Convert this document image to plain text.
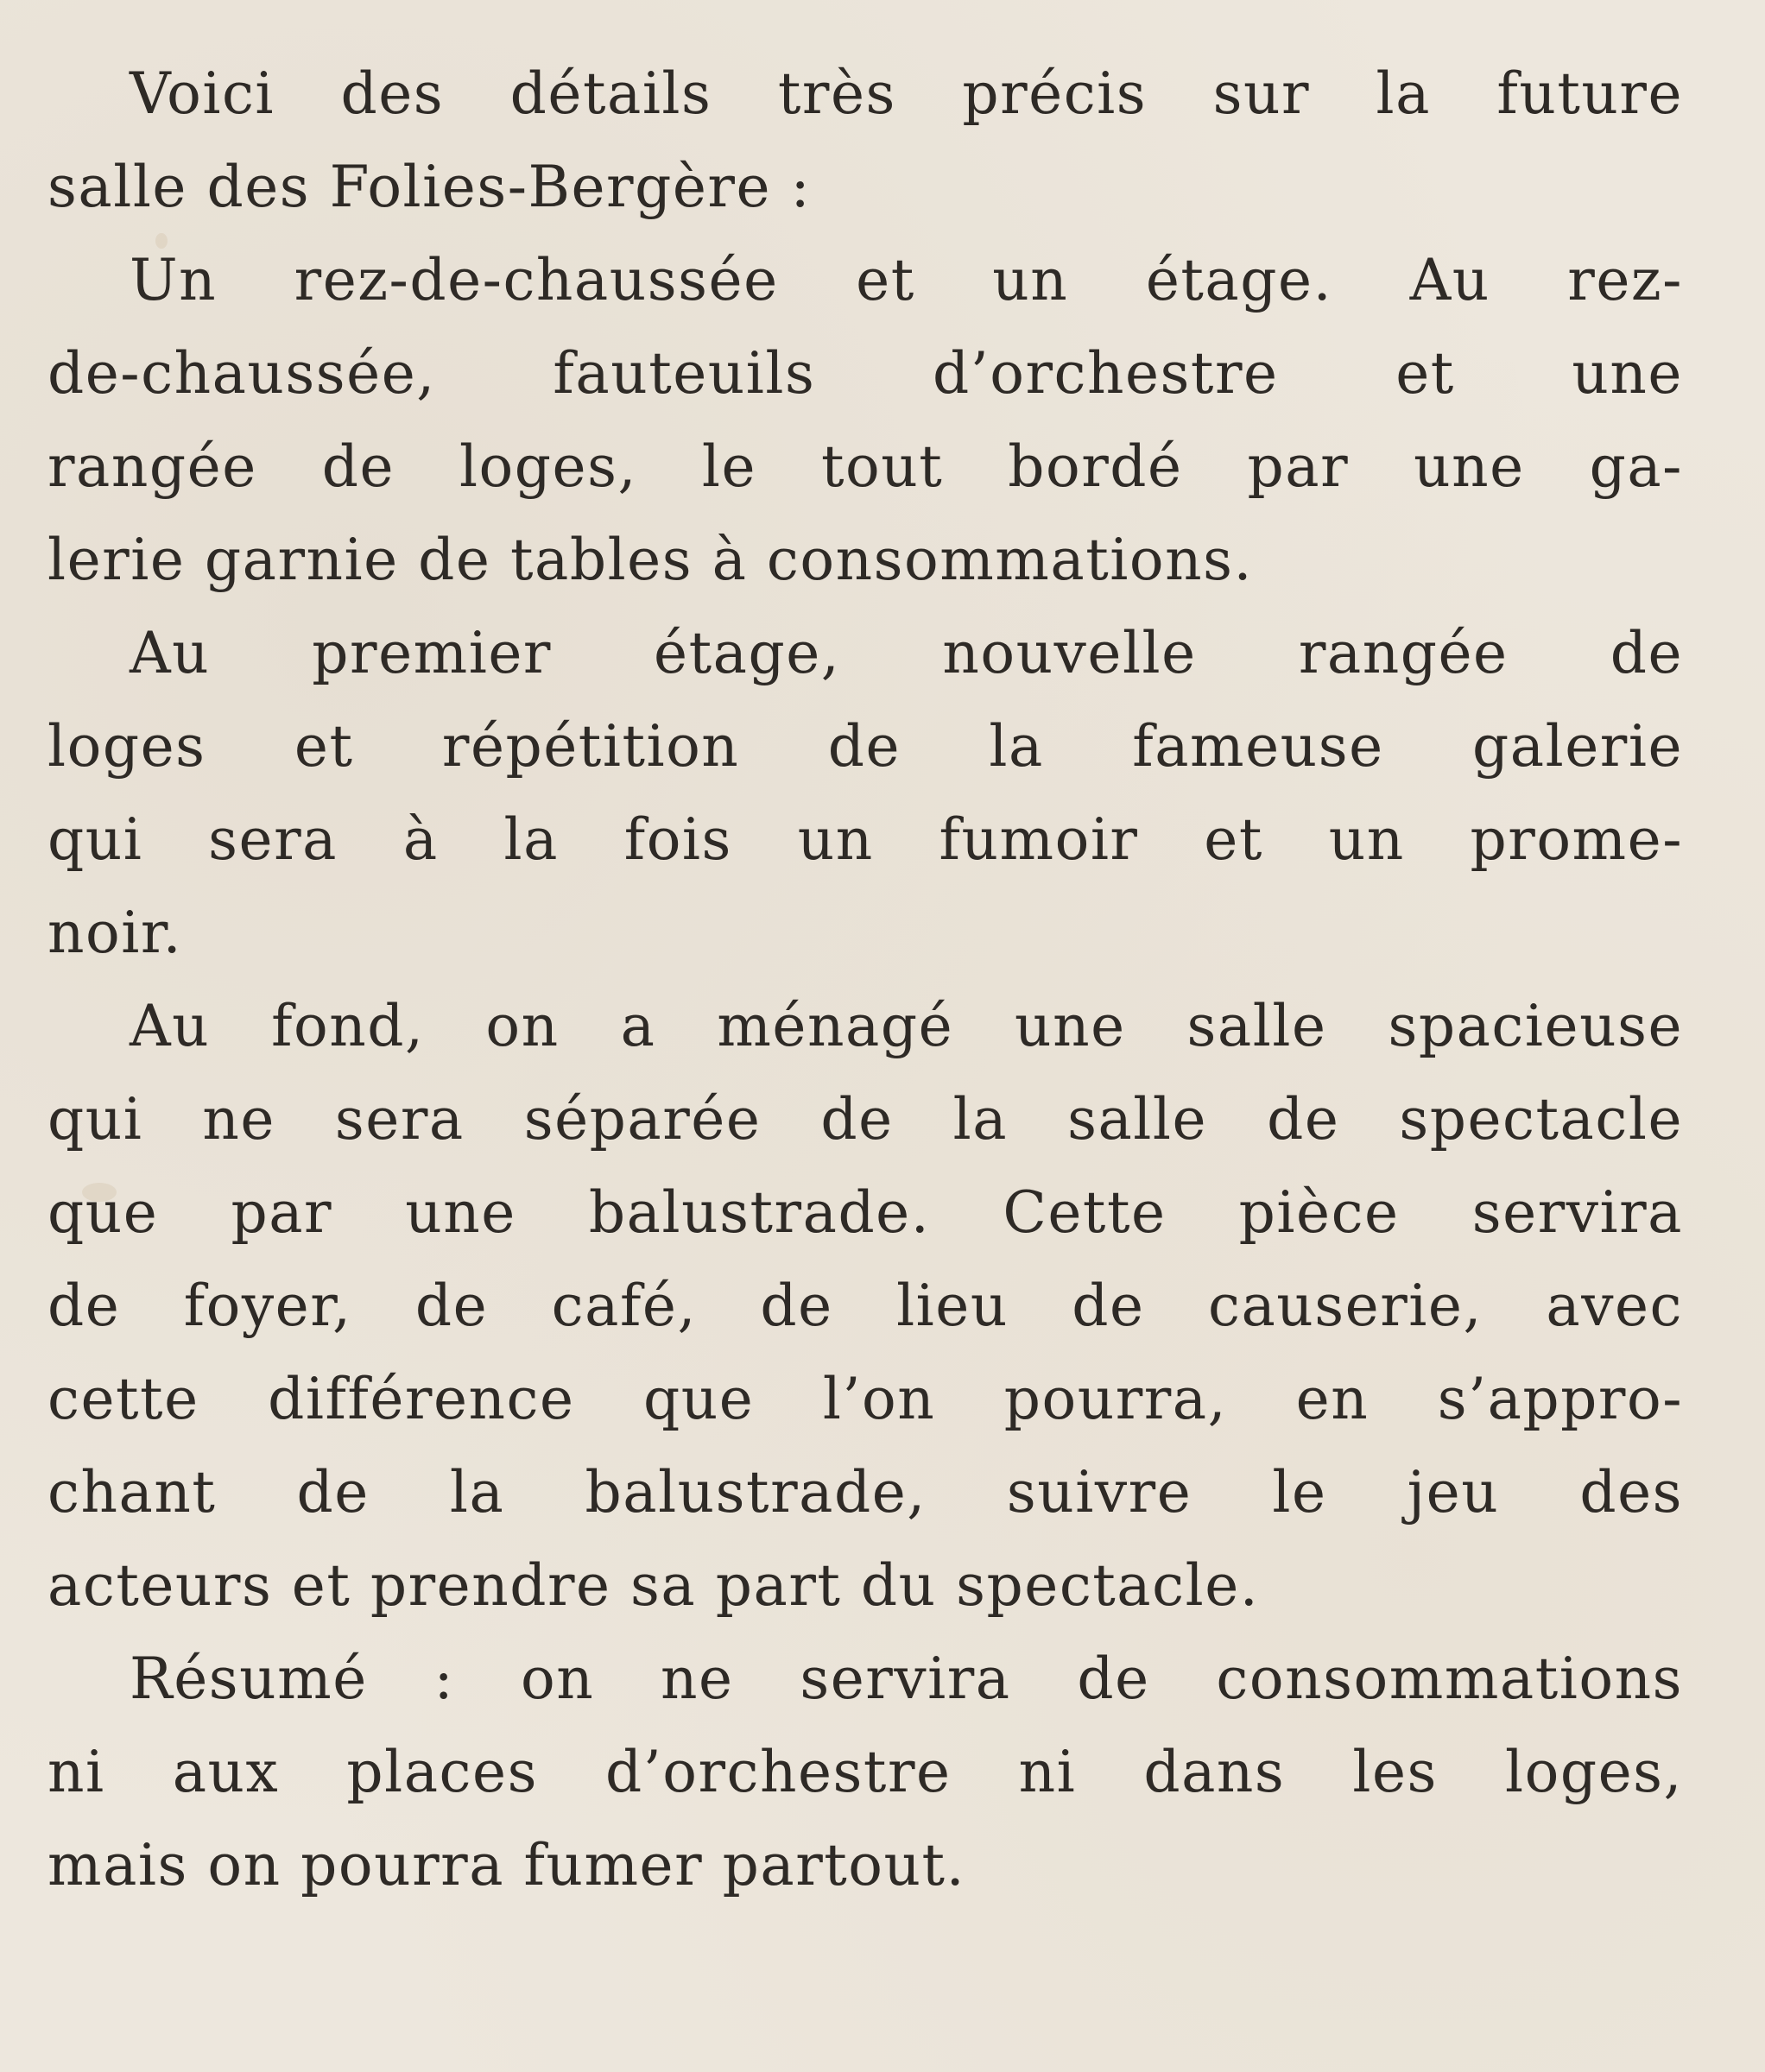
Voici des détails très précis sur la future
salle des Folies-Bergère :

Un rez-de-chaussée et un étage. Au rez-
de-chaussée, fauteuils d’orchestre et une
rangée de loges, le tout bordé par une ga-
lerie garnie de tables à consommations.

Au premier étage, nouvelle rangée de
loges et répétition de la fameuse galerie
qui sera à la fois un fumoir et un prome-
noir.

Au fond, on a ménagé une salle spacieuse
qui ne sera séparée de la salle de spectacle
que par une balustrade. Cette pièce servira
de foyer, de café, de lieu de causerie, avec
cette différence que l’on pourra, en s’appro-
chant de la balustrade, suivre le jeu des
acteurs et prendre sa part du spectacle.

Résumé : on ne servira de consommations
ni aux places d’orchestre ni dans les loges,
mais on pourra fumer partout.
